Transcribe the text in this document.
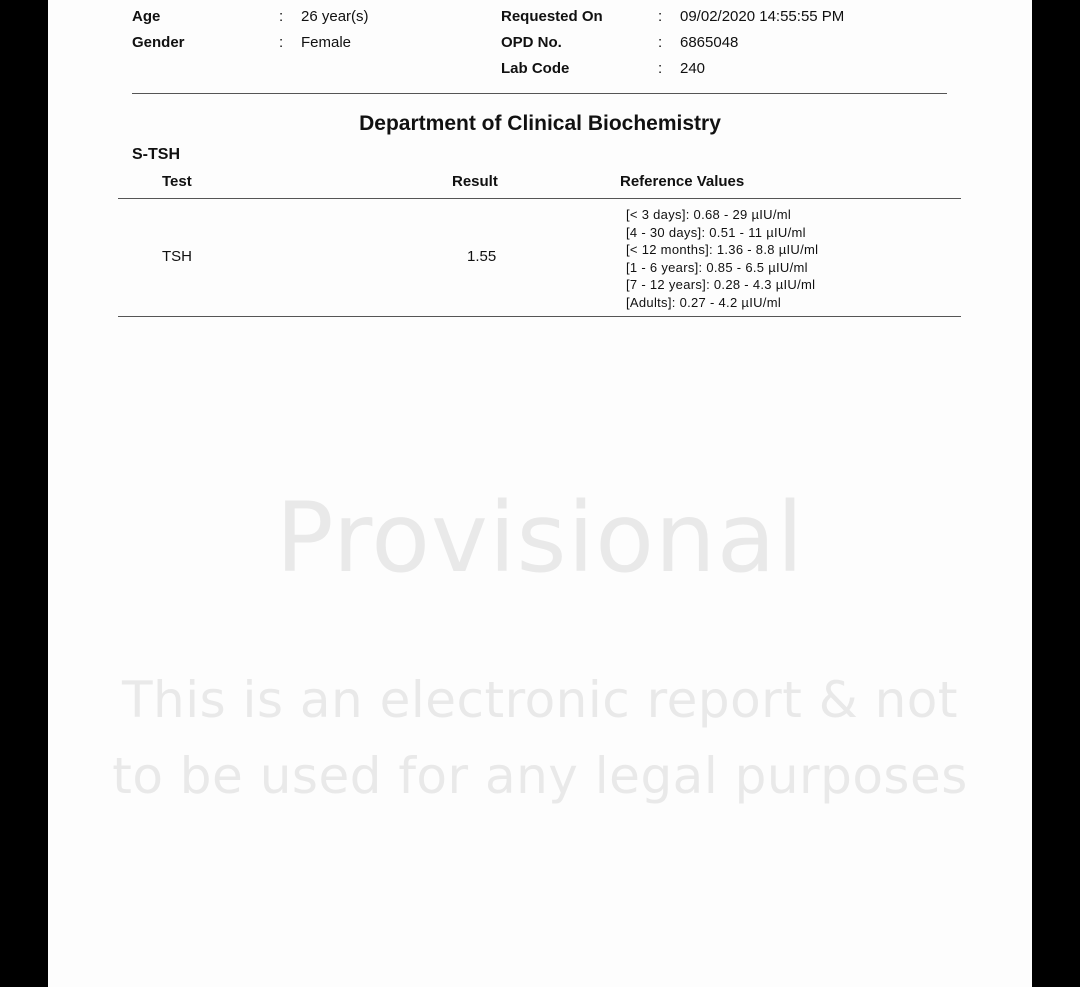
Age	: 26 year(s)
Gender	: Female
Requested On	: 09/02/2020 14:55:55 PM
OPD No.	: 6865048
Lab Code	: 240
Department of Clinical Biochemistry
S-TSH
Test	Result	Reference Values
TSH	1.55
[< 3 days]: 0.68 - 29 µIU/ml
[4 - 30 days]: 0.51 - 11 µIU/ml
[< 12 months]: 1.36 - 8.8 µIU/ml
[1 - 6 years]: 0.85 - 6.5 µIU/ml
[7 - 12 years]: 0.28 - 4.3 µIU/ml
[Adults]: 0.27 - 4.2 µIU/ml
Provisional
This is an electronic report & not
to be used for any legal purposes
